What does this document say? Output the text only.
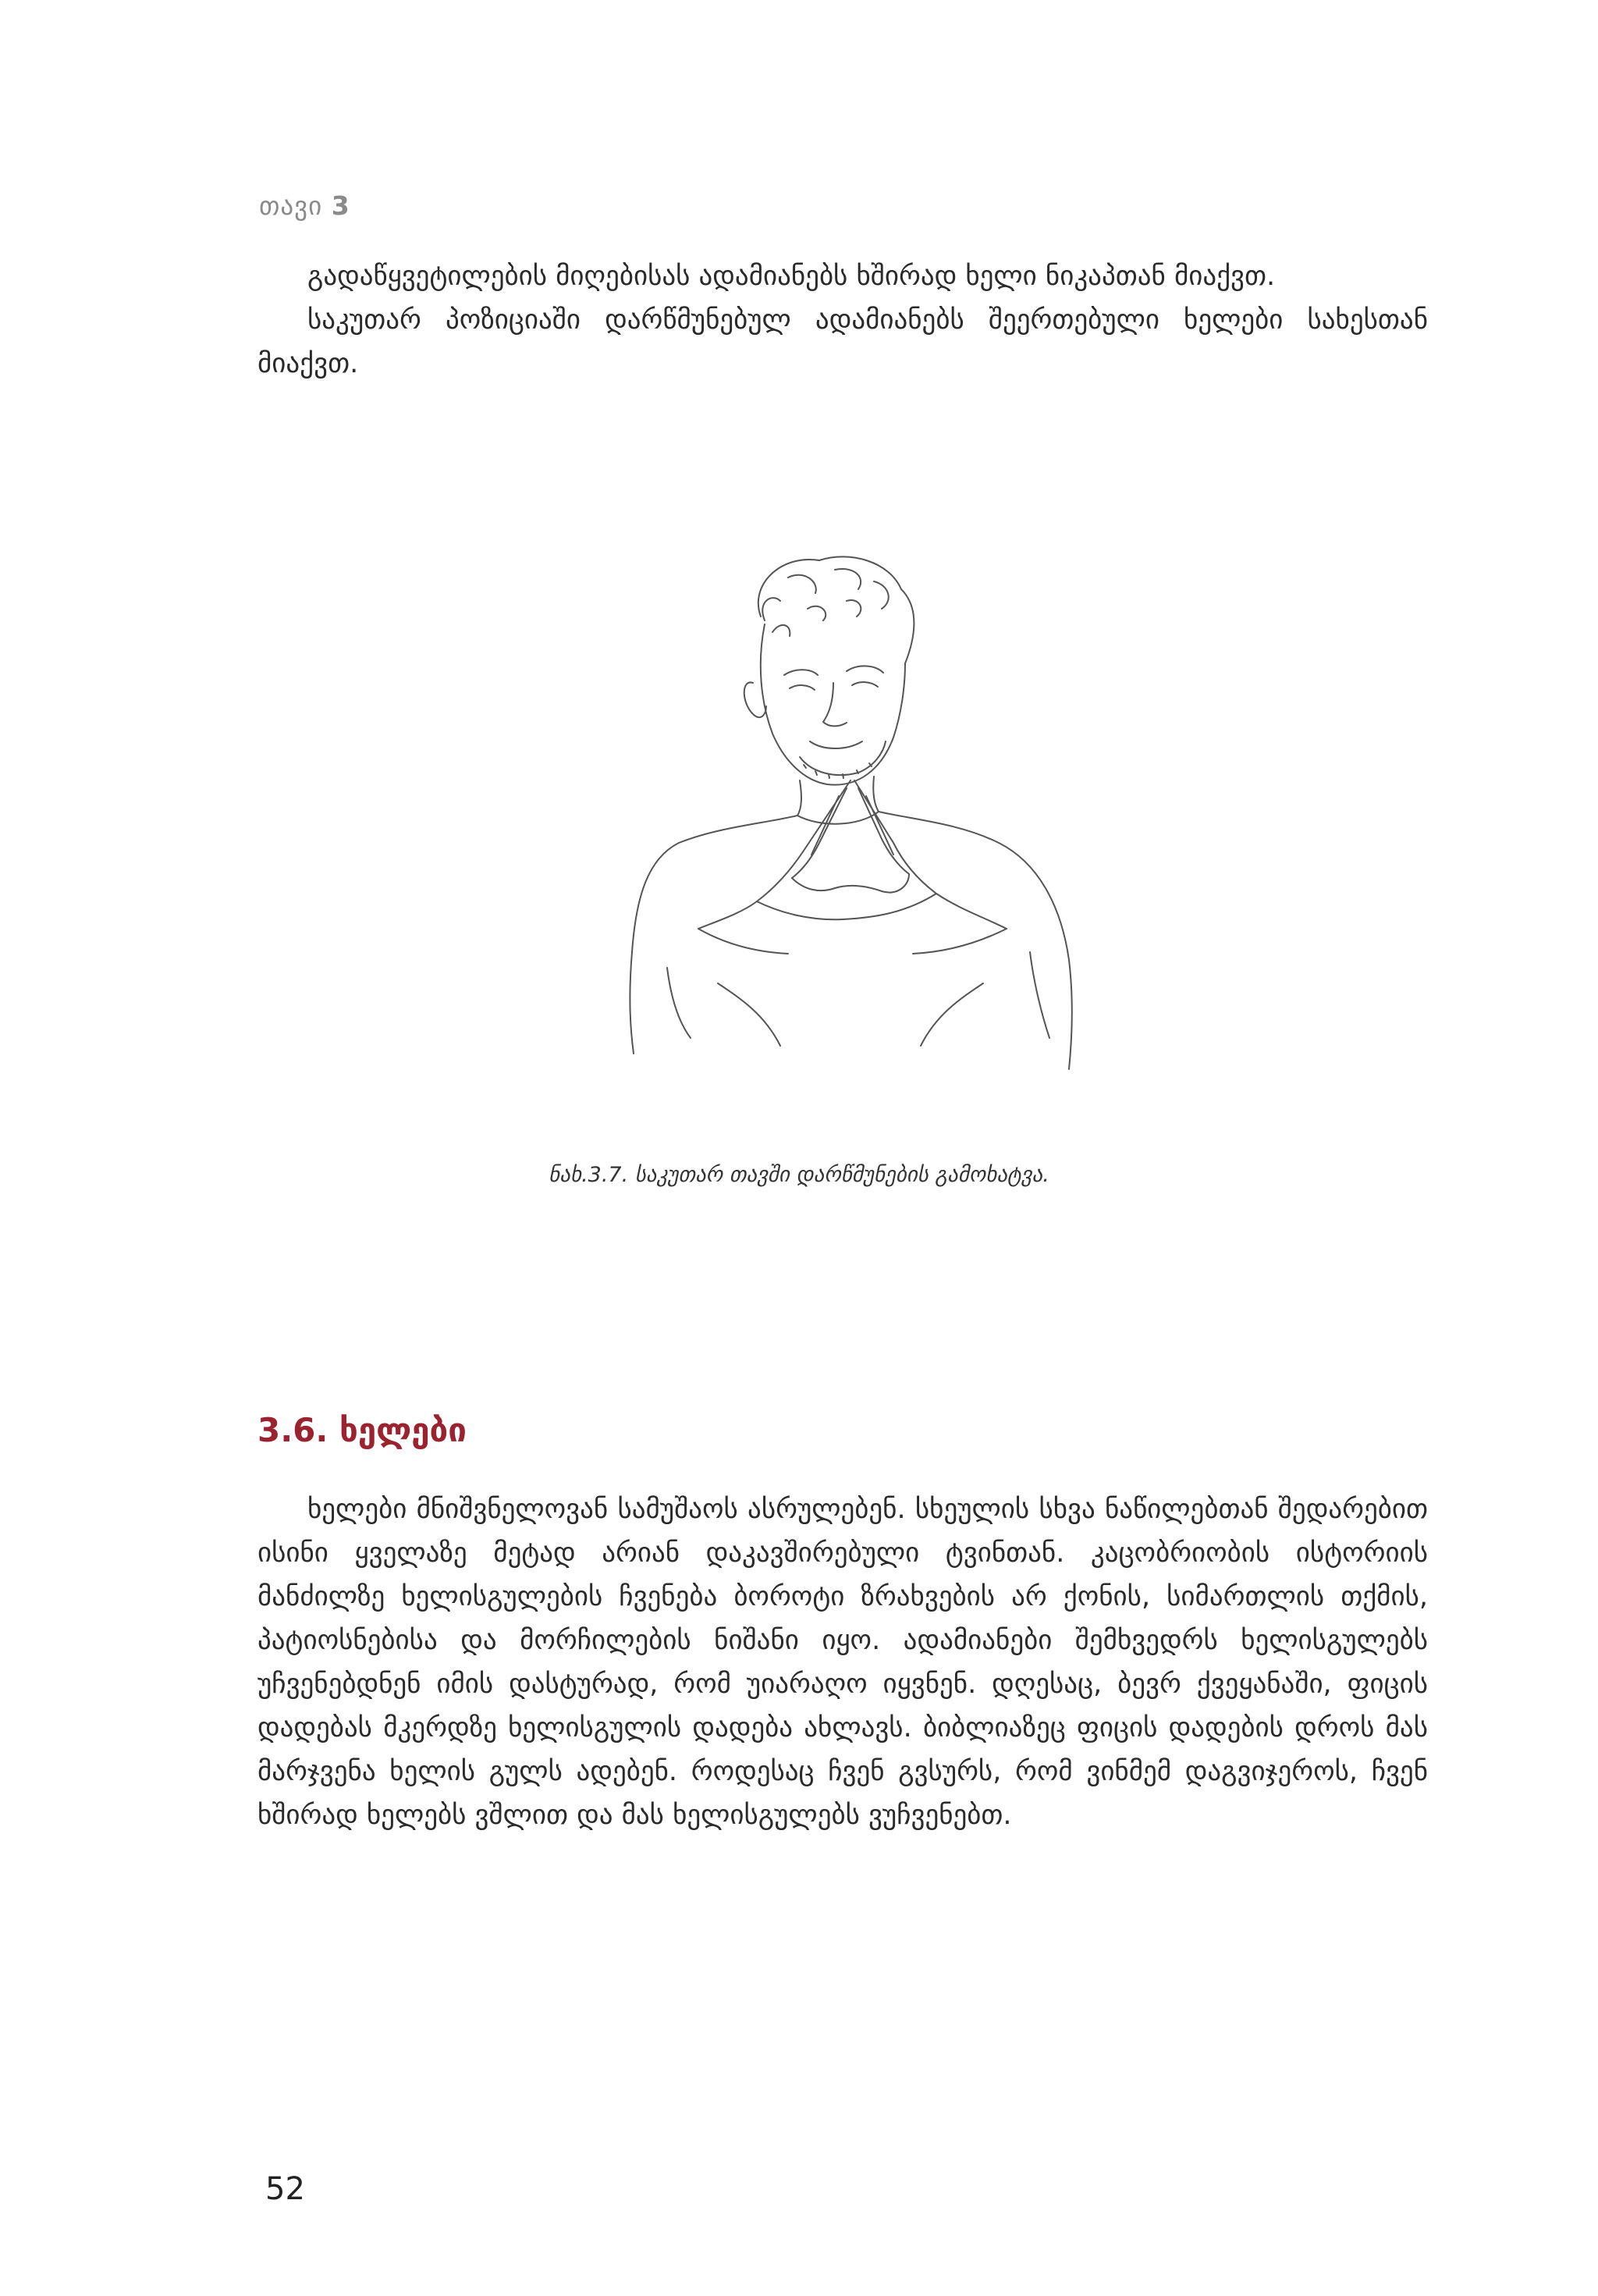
თავი 3

გადაწყვეტილების მიღებისას ადამიანებს ხშირად ხელი ნიკაპთან მიაქვთ.

საკუთარ პოზიციაში დარწმუნებულ ადამიანებს შეერთებული ხელები სახესთან მიაქვთ.

ნახ.3.7. საკუთარ თავში დარწმუნების გამოხატვა.
3.6. ხელები

ხელები მნიშვნელოვან სამუშაოს ასრულებენ. სხეულის სხვა ნაწილებთან შედარებით ისინი ყველაზე მეტად არიან დაკავშირებული ტვინთან. კაცობრიობის ისტორიის მანძილზე ხელისგულების ჩვენება ბოროტი ზრახვების არ ქონის, სიმართლის თქმის, პატიოსნებისა და მორჩილების ნიშანი იყო. ადამიანები შემხვედრს ხელისგულებს უჩვენებდნენ იმის დასტურად, რომ უიარაღო იყვნენ. დღესაც, ბევრ ქვეყანაში, ფიცის დადებას მკერდზე ხელისგულის დადება ახლავს. ბიბლიაზეც ფიცის დადების დროს მას მარჯვენა ხელის გულს ადებენ. როდესაც ჩვენ გვსურს, რომ ვინმემ დაგვიჯეროს, ჩვენ ხშირად ხელებს ვშლით და მას ხელისგულებს ვუჩვენებთ.

52
